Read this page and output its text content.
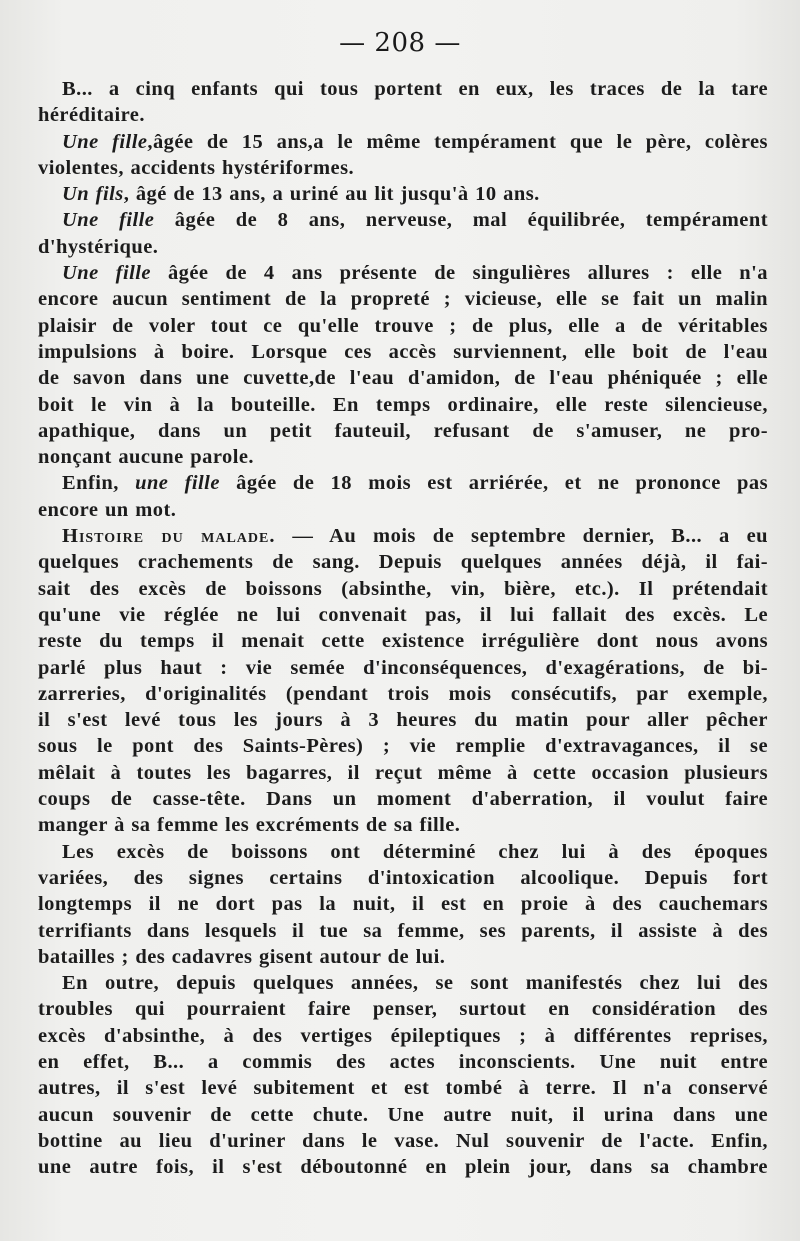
— 208 —
B... a cinq enfants qui tous portent en eux, les traces de la tare
héréditaire.
Une fille,âgée de 15 ans,a le même tempérament que le père, colères
violentes, accidents hystériformes.
Un fils, âgé de 13 ans, a uriné au lit jusqu'à 10 ans.
Une fille âgée de 8 ans, nerveuse, mal équilibrée, tempérament
d'hystérique.
Une fille âgée de 4 ans présente de singulières allures : elle n'a
encore aucun sentiment de la propreté ; vicieuse, elle se fait un malin
plaisir de voler tout ce qu'elle trouve ; de plus, elle a de véritables
impulsions à boire. Lorsque ces accès surviennent, elle boit de l'eau
de savon dans une cuvette,de l'eau d'amidon, de l'eau phéniquée ; elle
boit le vin à la bouteille. En temps ordinaire, elle reste silencieuse,
apathique, dans un petit fauteuil, refusant de s'amuser, ne pro-
nonçant aucune parole.
Enfin, une fille âgée de 18 mois est arriérée, et ne prononce pas
encore un mot.
Histoire du malade. — Au mois de septembre dernier, B... a eu
quelques crachements de sang. Depuis quelques années déjà, il fai-
sait des excès de boissons (absinthe, vin, bière, etc.). Il prétendait
qu'une vie réglée ne lui convenait pas, il lui fallait des excès. Le
reste du temps il menait cette existence irrégulière dont nous avons
parlé plus haut : vie semée d'inconséquences, d'exagérations, de bi-
zarreries, d'originalités (pendant trois mois consécutifs, par exemple,
il s'est levé tous les jours à 3 heures du matin pour aller pêcher
sous le pont des Saints-Pères) ; vie remplie d'extravagances, il se
mêlait à toutes les bagarres, il reçut même à cette occasion plusieurs
coups de casse-tête. Dans un moment d'aberration, il voulut faire
manger à sa femme les excréments de sa fille.
Les excès de boissons ont déterminé chez lui à des époques
variées, des signes certains d'intoxication alcoolique. Depuis fort
longtemps il ne dort pas la nuit, il est en proie à des cauchemars
terrifiants dans lesquels il tue sa femme, ses parents, il assiste à des
batailles ; des cadavres gisent autour de lui.
En outre, depuis quelques années, se sont manifestés chez lui des
troubles qui pourraient faire penser, surtout en considération des
excès d'absinthe, à des vertiges épileptiques ; à différentes reprises,
en effet, B... a commis des actes inconscients. Une nuit entre
autres, il s'est levé subitement et est tombé à terre. Il n'a conservé
aucun souvenir de cette chute. Une autre nuit, il urina dans une
bottine au lieu d'uriner dans le vase. Nul souvenir de l'acte. Enfin,
une autre fois, il s'est déboutonné en plein jour, dans sa chambre
